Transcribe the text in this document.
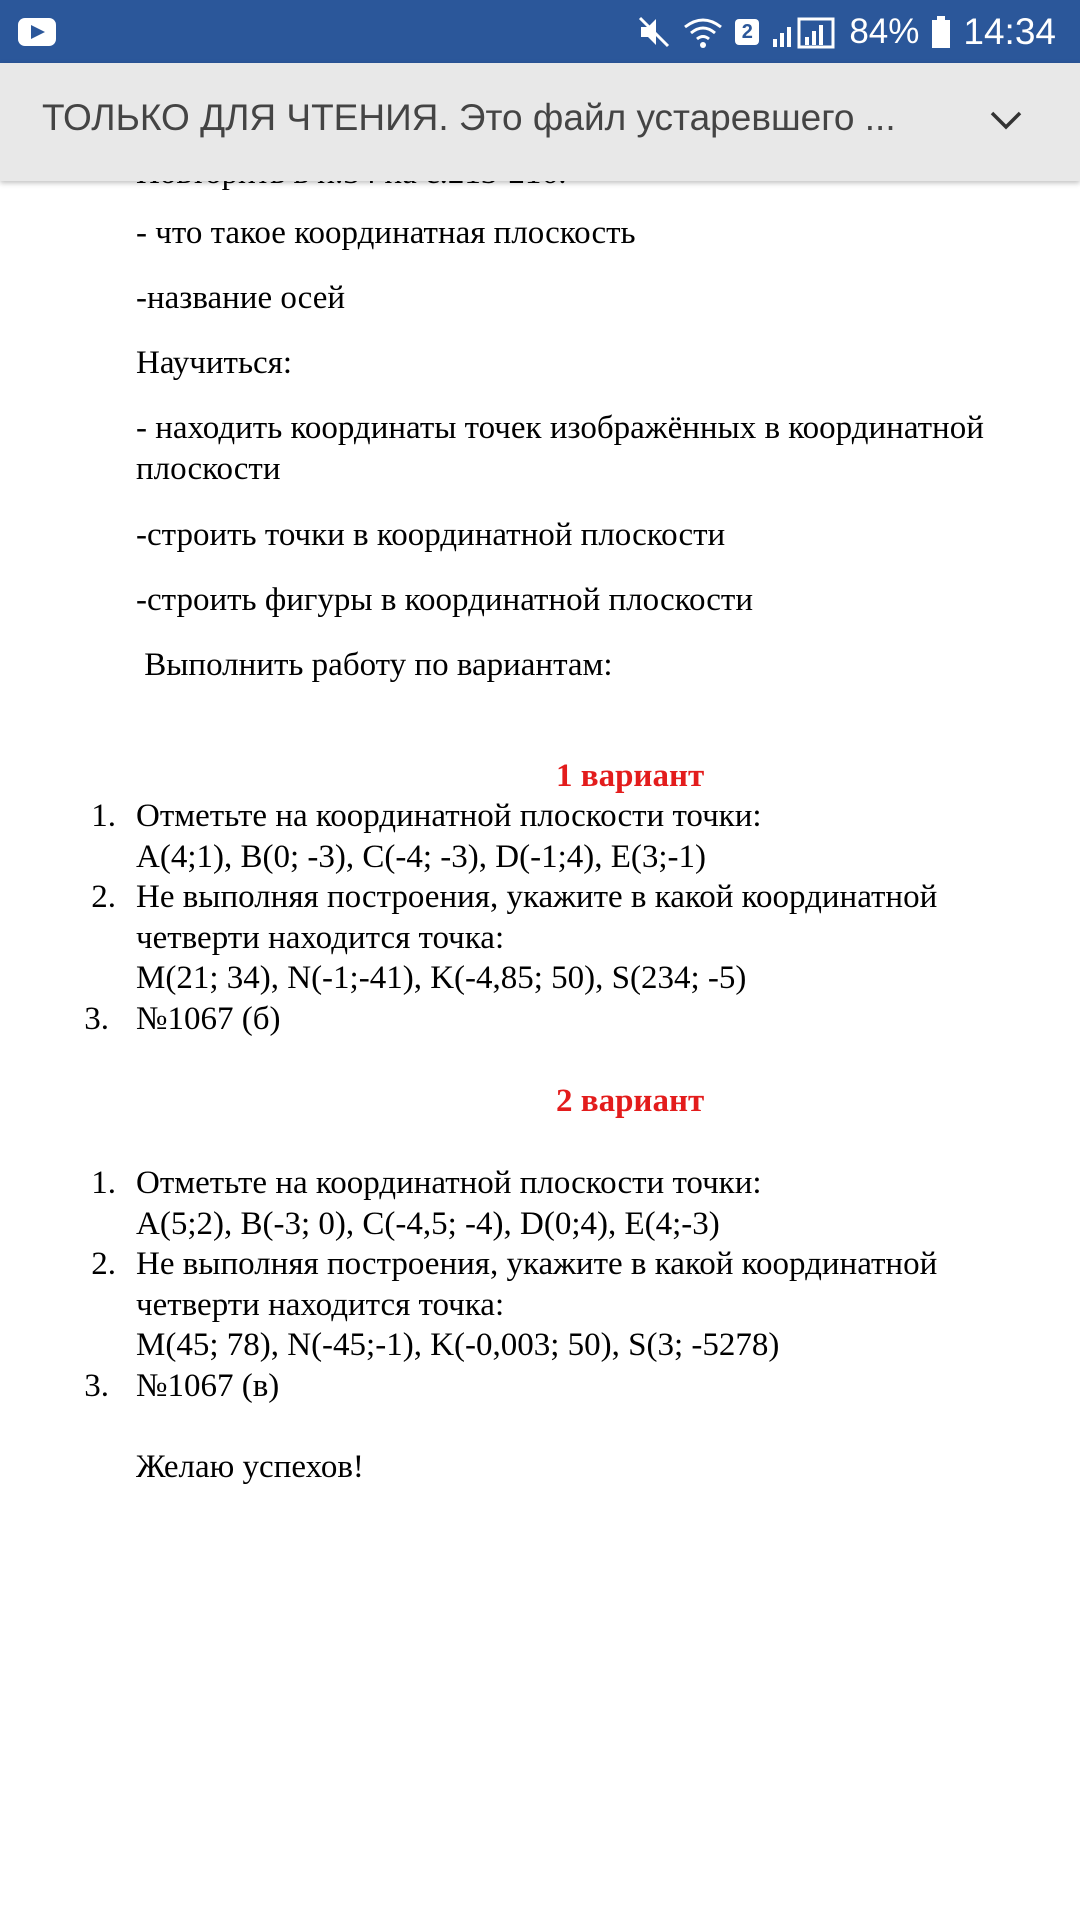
2	84% 14:34
ТОЛЬКО ДЛЯ ЧТЕНИЯ. Это файл устаревшего ...
- что такое координатная плоскость
-название осей
Научиться:
- находить координаты точек изображённых в координатной
плоскости
-строить точки в координатной плоскости
-строить фигуры в координатной плоскости
Выполнить работу по вариантам:
1 вариант
1. Отметьте на координатной плоскости точки:
A(4;1), B(0; -3), C(-4; -3), D(-1;4), E(3;-1)
2. Не выполняя построения, укажите в какой координатной
четверти находится точка:
M(21; 34), N(-1;-41), K(-4,85; 50), S(234; -5)
3. №1067 (б)
2 вариант
1. Отметьте на координатной плоскости точки:
A(5;2), B(-3; 0), C(-4,5; -4), D(0;4), E(4;-3)
2. Не выполняя построения, укажите в какой координатной
четверти находится точка:
M(45; 78), N(-45;-1), K(-0,003; 50), S(3; -5278)
3. №1067 (в)
Желаю успехов!
